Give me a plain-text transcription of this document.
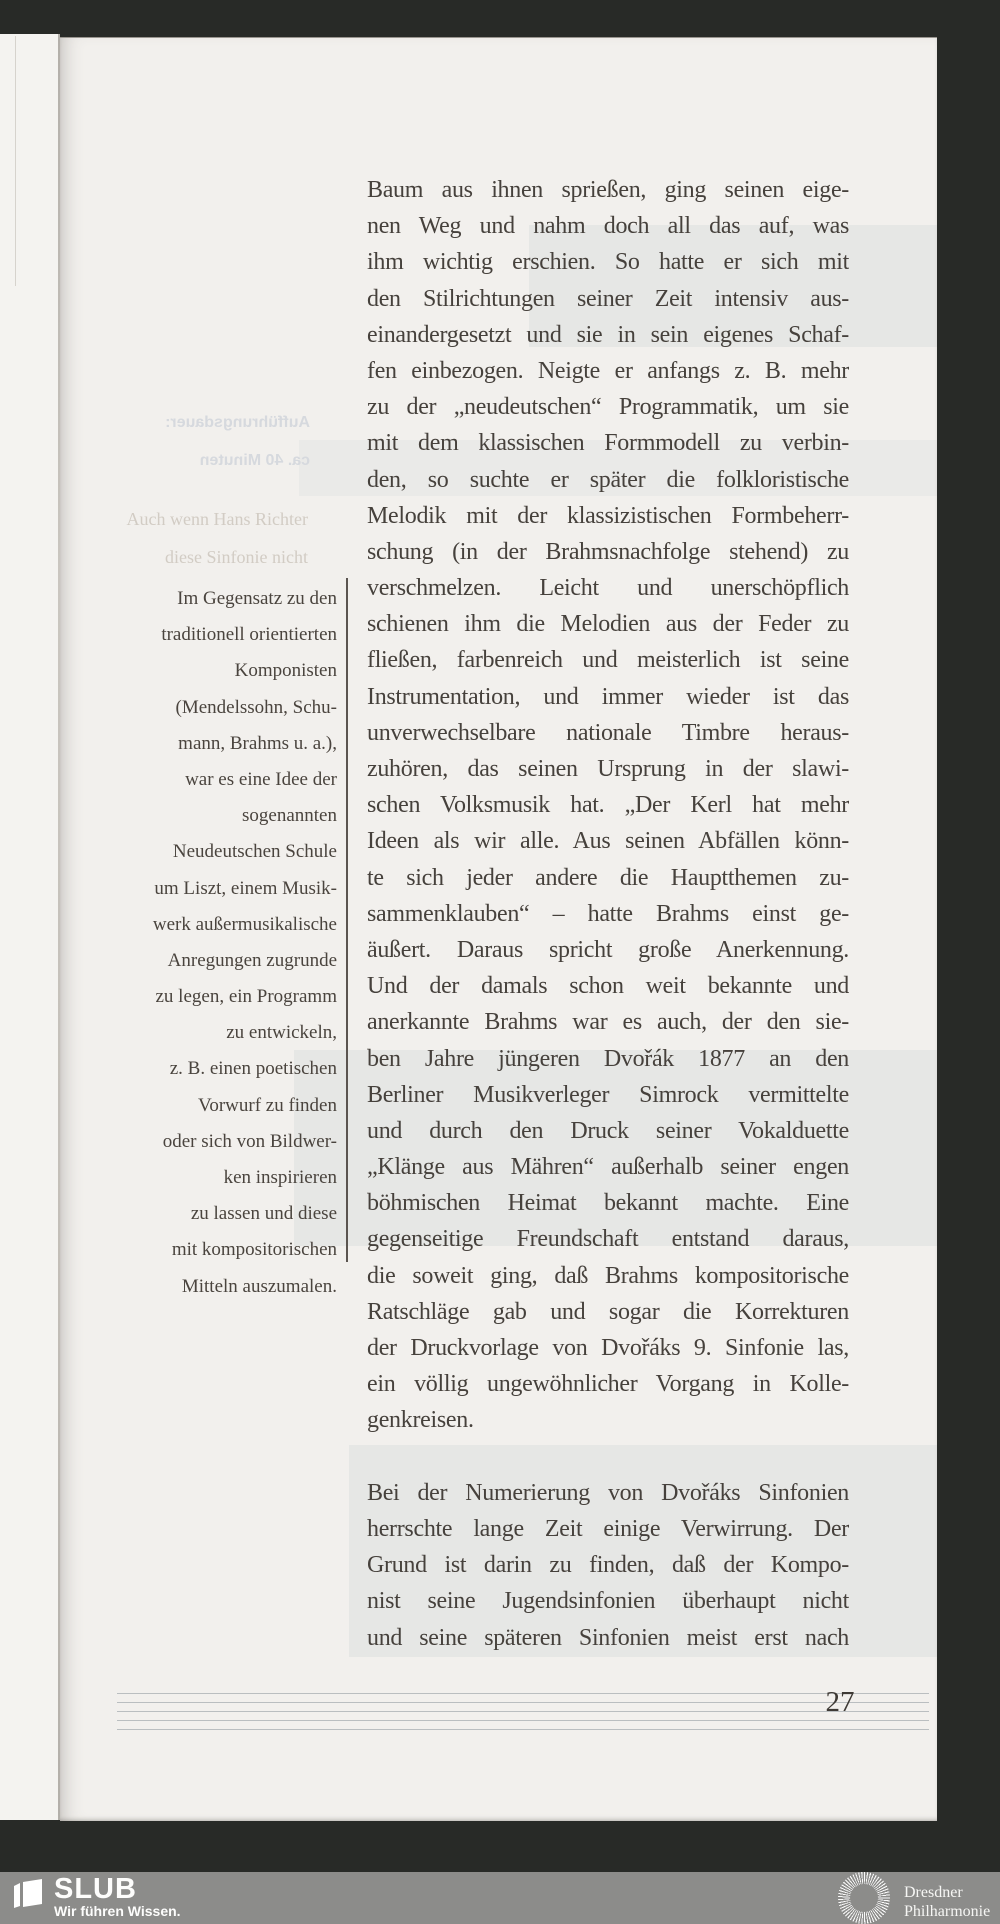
Aufführungsdauer:
ca. 40 Minuten
Auch wenn Hans Richter
diese Sinfonie nicht
Im Gegensatz zu den
traditionell orientierten
Komponisten
(Mendelssohn, Schu-
mann, Brahms u. a.),
war es eine Idee der
sogenannten
Neudeutschen Schule
um Liszt, einem Musik-
werk außermusikalische
Anregungen zugrunde
zu legen, ein Programm
zu entwickeln,
z. B. einen poetischen
Vorwurf zu finden
oder sich von Bildwer-
ken inspirieren
zu lassen und diese
mit kompositorischen
Mitteln auszumalen.
Baum aus ihnen sprießen, ging seinen eige-
nen Weg und nahm doch all das auf, was
ihm wichtig erschien. So hatte er sich mit
den Stilrichtungen seiner Zeit intensiv aus-
einandergesetzt und sie in sein eigenes Schaf-
fen einbezogen. Neigte er anfangs z. B. mehr
zu der „neudeutschen“ Programmatik, um sie
mit dem klassischen Formmodell zu verbin-
den, so suchte er später die folkloristische
Melodik mit der klassizistischen Formbeherr-
schung (in der Brahmsnachfolge stehend) zu
verschmelzen. Leicht und unerschöpflich
schienen ihm die Melodien aus der Feder zu
fließen, farbenreich und meisterlich ist seine
Instrumentation, und immer wieder ist das
unverwechselbare nationale Timbre heraus-
zuhören, das seinen Ursprung in der slawi-
schen Volksmusik hat. „Der Kerl hat mehr
Ideen als wir alle. Aus seinen Abfällen könn-
te sich jeder andere die Hauptthemen zu-
sammenklauben“ – hatte Brahms einst ge-
äußert. Daraus spricht große Anerkennung.
Und der damals schon weit bekannte und
anerkannte Brahms war es auch, der den sie-
ben Jahre jüngeren Dvořák 1877 an den
Berliner Musikverleger Simrock vermittelte
und durch den Druck seiner Vokalduette
„Klänge aus Mähren“ außerhalb seiner engen
böhmischen Heimat bekannt machte. Eine
gegenseitige Freundschaft entstand daraus,
die soweit ging, daß Brahms kompositorische
Ratschläge gab und sogar die Korrekturen
der Druckvorlage von Dvořáks 9. Sinfonie las,
ein völlig ungewöhnlicher Vorgang in Kolle-
genkreisen.
Bei der Numerierung von Dvořáks Sinfonien
herrschte lange Zeit einige Verwirrung. Der
Grund ist darin zu finden, daß der Kompo-
nist seine Jugendsinfonien überhaupt nicht
und seine späteren Sinfonien meist erst nach
27
SLUB
Wir führen Wissen.
Dresdner
Philharmonie
